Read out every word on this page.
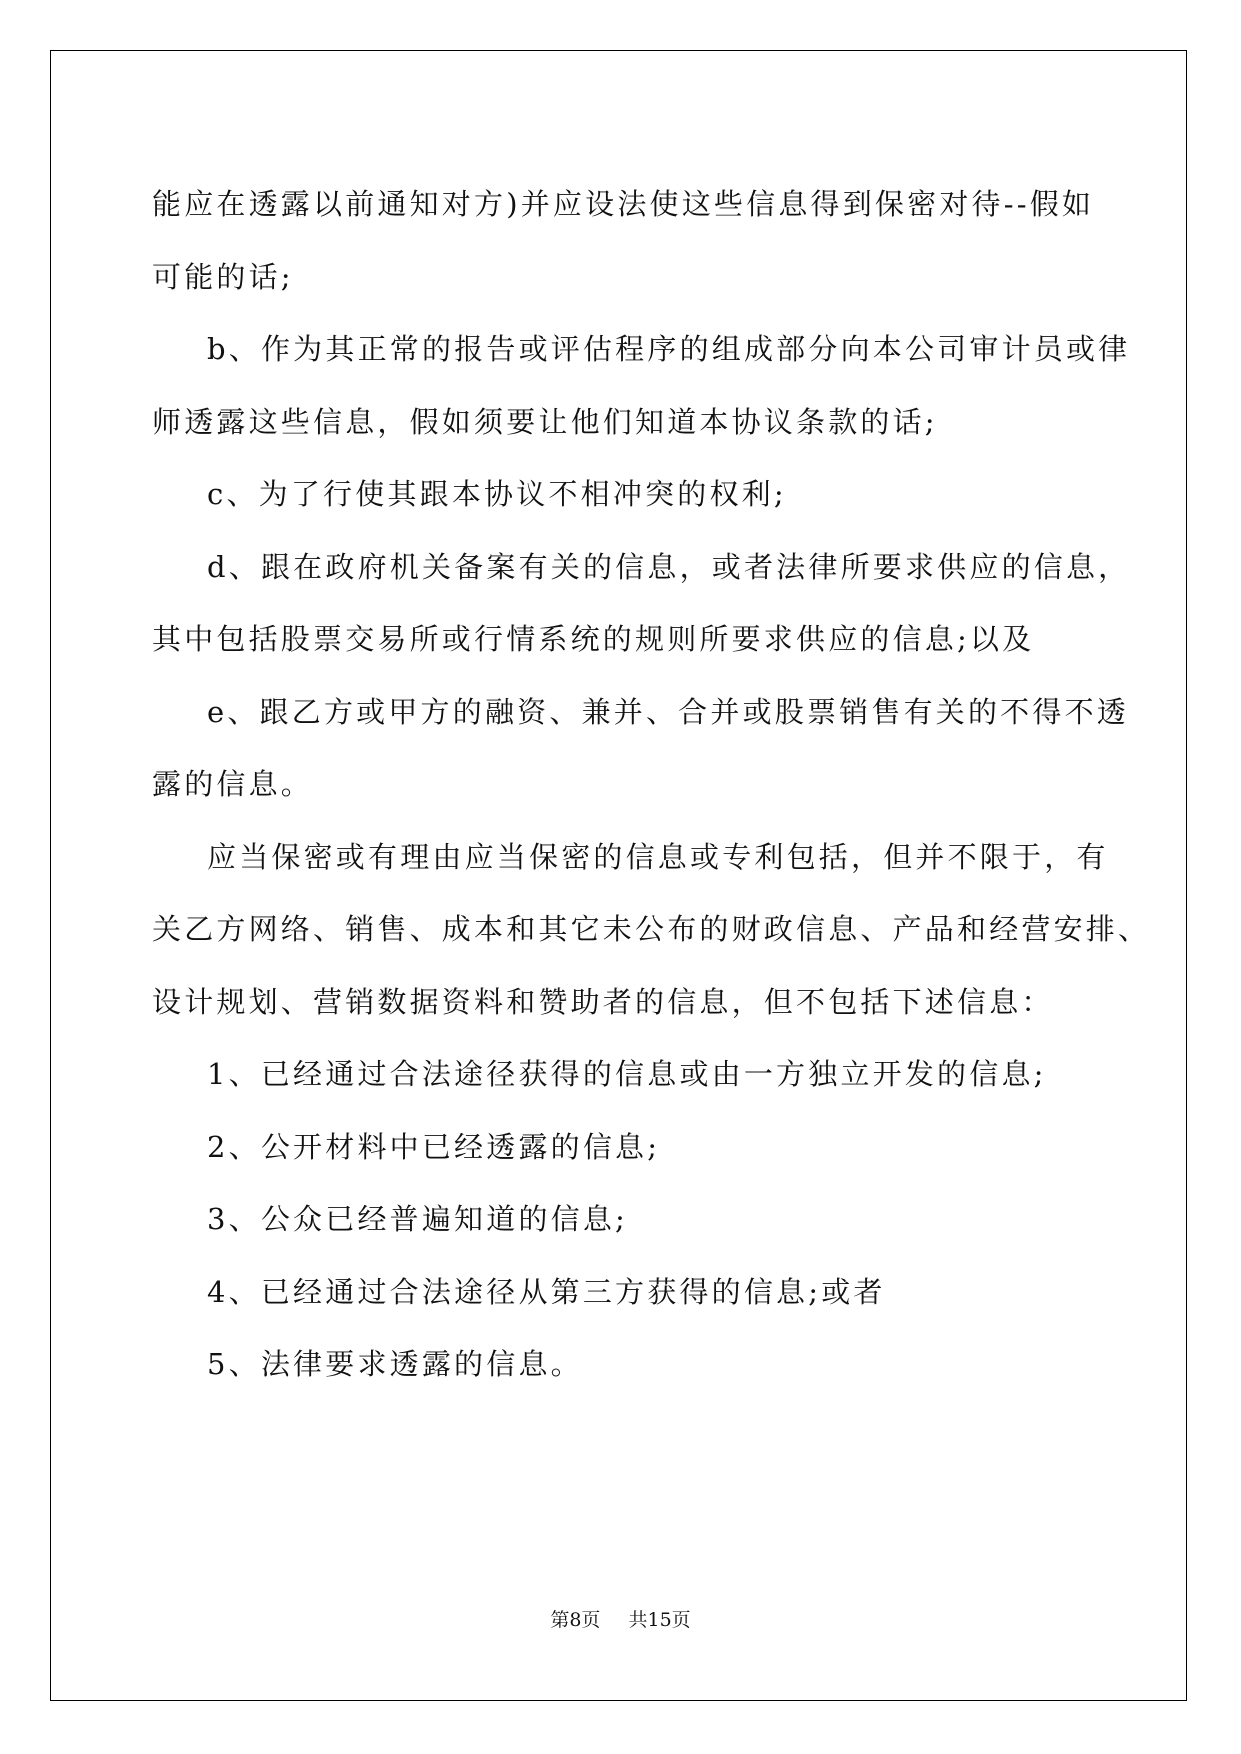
能应在透露以前通知对方)并应设法使这些信息得到保密对待--假如
可能的话;
b、作为其正常的报告或评估程序的组成部分向本公司审计员或律
师透露这些信息，假如须要让他们知道本协议条款的话;
c、为了行使其跟本协议不相冲突的权利;
d、跟在政府机关备案有关的信息，或者法律所要求供应的信息，
其中包括股票交易所或行情系统的规则所要求供应的信息;以及
e、跟乙方或甲方的融资、兼并、合并或股票销售有关的不得不透
露的信息。
应当保密或有理由应当保密的信息或专利包括，但并不限于，有
关乙方网络、销售、成本和其它未公布的财政信息、产品和经营安排、
设计规划、营销数据资料和赞助者的信息，但不包括下述信息：
1、已经通过合法途径获得的信息或由一方独立开发的信息;
2、公开材料中已经透露的信息;
3、公众已经普遍知道的信息;
4、已经通过合法途径从第三方获得的信息;或者
5、法律要求透露的信息。
第8页 共15页
